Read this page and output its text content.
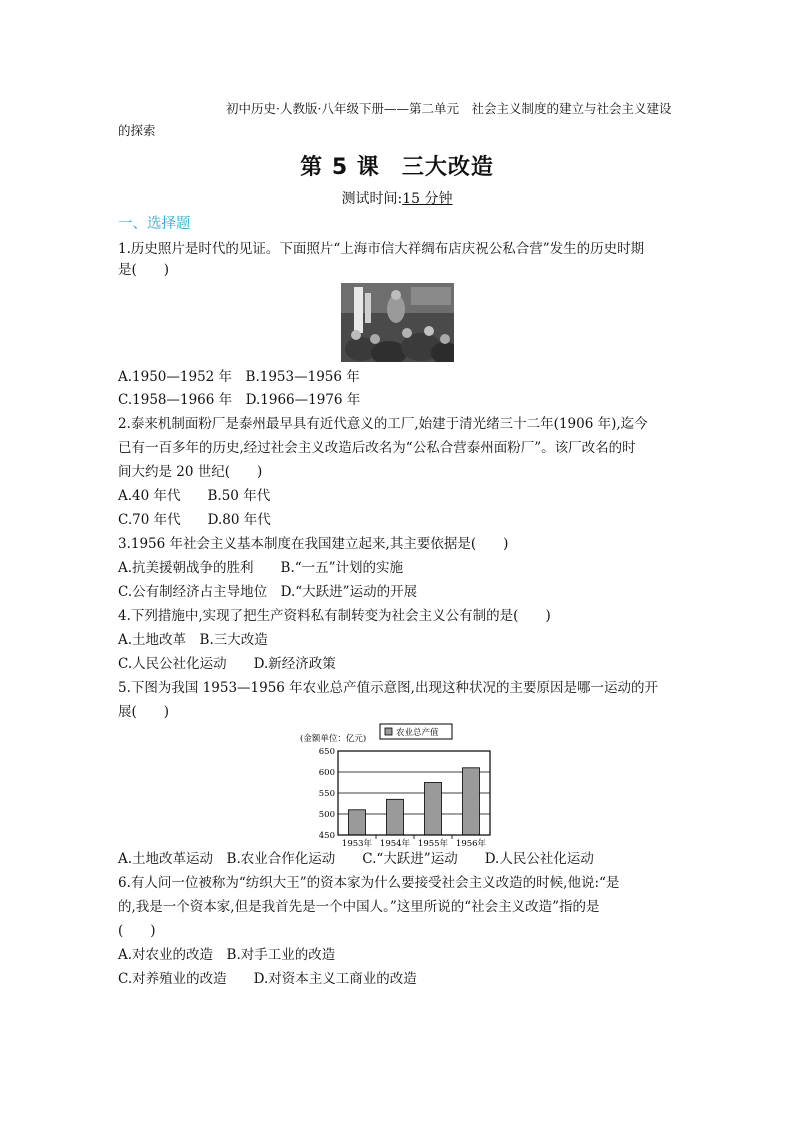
初中历史·人教版·八年级下册——第二单元　社会主义制度的建立与社会主义建设
的探索
第 5 课 三大改造
测试时间:15 分钟
一、选择题
1.历史照片是时代的见证。下面照片“上海市信大祥绸布店庆祝公私合营”发生的历史时期
是(　　)
A.1950—1952 年　B.1953—1956 年
C.1958—1966 年　D.1966—1976 年
2.泰来机制面粉厂是泰州最早具有近代意义的工厂,始建于清光绪三十二年(1906 年),迄今
已有一百多年的历史,经过社会主义改造后改名为“公私合营泰州面粉厂”。该厂改名的时
间大约是 20 世纪(　　)
A.40 年代　　B.50 年代
C.70 年代　　D.80 年代
3.1956 年社会主义基本制度在我国建立起来,其主要依据是(　　)
A.抗美援朝战争的胜利　　B.“一五”计划的实施
C.公有制经济占主导地位　D.“大跃进”运动的开展
4.下列措施中,实现了把生产资料私有制转变为社会主义公有制的是(　　)
A.土地改革　B.三大改造
C.人民公社化运动　　D.新经济政策
5.下图为我国 1953—1956 年农业总产值示意图,出现这种状况的主要原因是哪一运动的开
展(　　)
(金额单位：亿元)
农业总产值
450
500
550
600
650
1953年 1954年 1955年 1956年
A.土地改革运动　B.农业合作化运动　　C.“大跃进”运动　　D.人民公社化运动
6.有人问一位被称为“纺织大王”的资本家为什么要接受社会主义改造的时候,他说:“是
的,我是一个资本家,但是我首先是一个中国人。”这里所说的“社会主义改造”指的是
(　　)
A.对农业的改造　B.对手工业的改造
C.对养殖业的改造　　D.对资本主义工商业的改造
